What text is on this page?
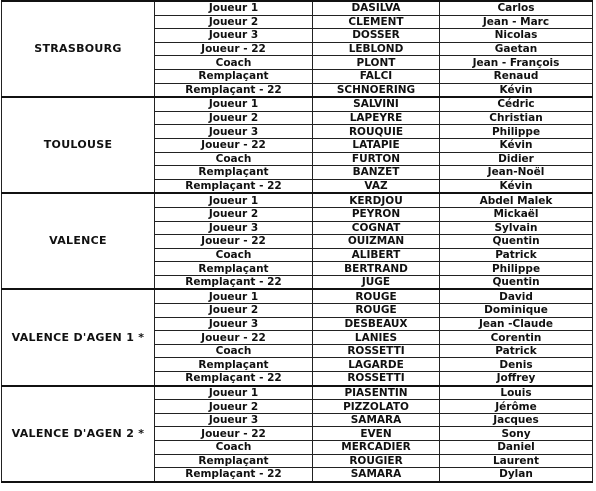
STRASBOURG	Joueur 1	DASILVA	Carlos
	Joueur 2	CLEMENT	Jean - Marc
	Joueur 3	DOSSER	Nicolas
	Joueur - 22	LEBLOND	Gaetan
	Coach	PLONT	Jean - François
	Remplaçant	FALCI	Renaud
	Remplaçant - 22	SCHNOERING	Kévin
TOULOUSE	Joueur 1	SALVINI	Cédric
	Joueur 2	LAPEYRE	Christian
	Joueur 3	ROUQUIE	Philippe
	Joueur - 22	LATAPIE	Kévin
	Coach	FURTON	Didier
	Remplaçant	BANZET	Jean-Noël
	Remplaçant - 22	VAZ	Kévin
VALENCE	Joueur 1	KERDJOU	Abdel Malek
	Joueur 2	PEYRON	Mickaël
	Joueur 3	COGNAT	Sylvain
	Joueur - 22	OUIZMAN	Quentin
	Coach	ALIBERT	Patrick
	Remplaçant	BERTRAND	Philippe
	Remplaçant - 22	JUGE	Quentin
VALENCE D'AGEN 1 *	Joueur 1	ROUGE	David
	Joueur 2	ROUGE	Dominique
	Joueur 3	DESBEAUX	Jean -Claude
	Joueur - 22	LANIES	Corentin
	Coach	ROSSETTI	Patrick
	Remplaçant	LAGARDE	Denis
	Remplaçant - 22	ROSSETTI	Joffrey
VALENCE D'AGEN 2 *	Joueur 1	PIASENTIN	Louis
	Joueur 2	PIZZOLATO	Jérôme
	Joueur 3	SAMARA	Jacques
	Joueur - 22	EVEN	Sony
	Coach	MERCADIER	Daniel
	Remplaçant	ROUGIER	Laurent
	Remplaçant - 22	SAMARA	Dylan
